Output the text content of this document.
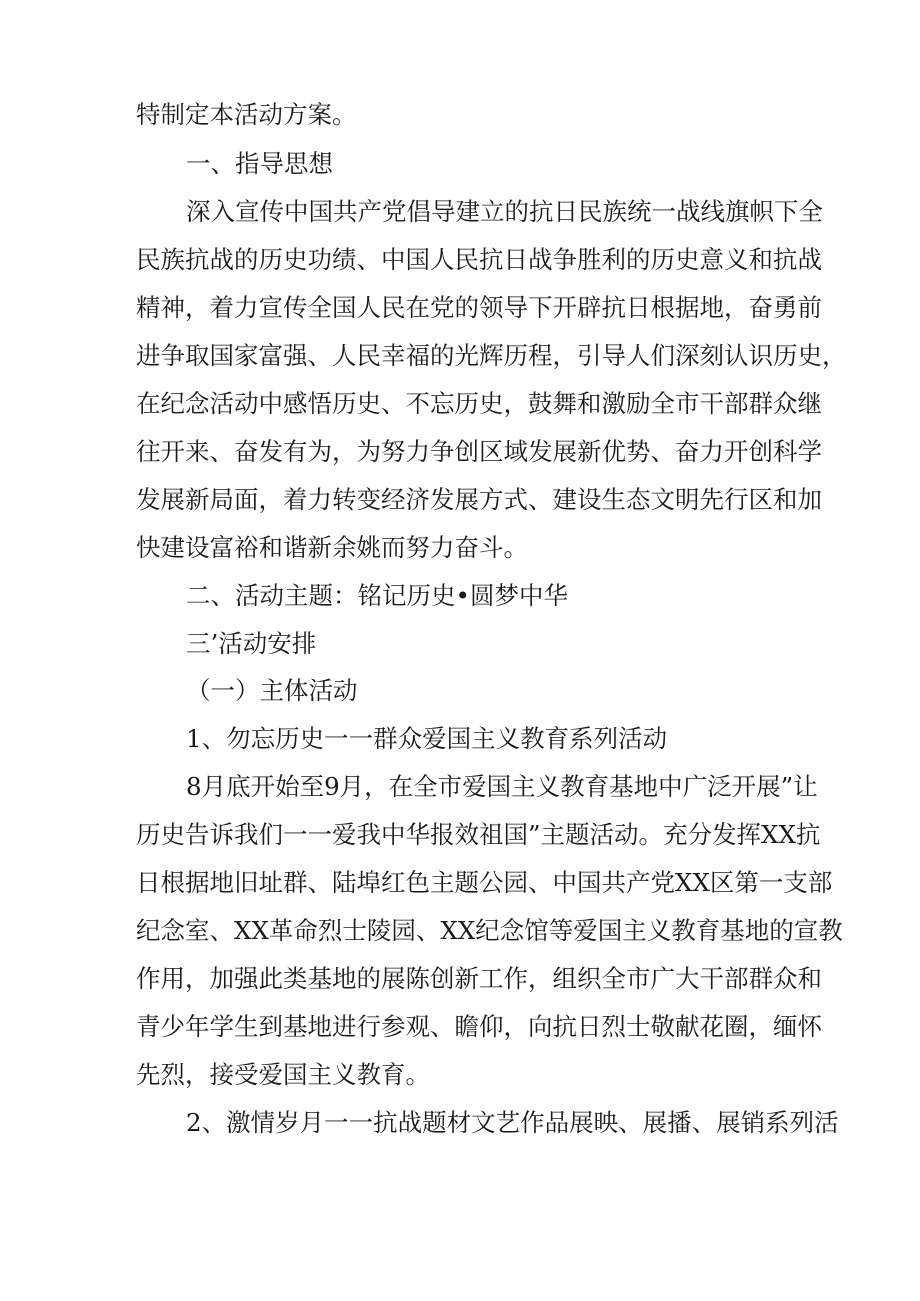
特制定本活动方案。
一、指导思想
深入宣传中国共产党倡导建立的抗日民族统一战线旗帜下全
民族抗战的历史功绩、中国人民抗日战争胜利的历史意义和抗战
精神，着力宣传全国人民在党的领导下开辟抗日根据地，奋勇前
进争取国家富强、人民幸福的光辉历程，引导人们深刻认识历史，
在纪念活动中感悟历史、不忘历史，鼓舞和激励全市干部群众继
往开来、奋发有为，为努力争创区域发展新优势、奋力开创科学
发展新局面，着力转变经济发展方式、建设生态文明先行区和加
快建设富裕和谐新余姚而努力奋斗。
二、活动主题：铭记历史•圆梦中华
三’活动安排
（一）主体活动
1、勿忘历史一一群众爱国主义教育系列活动
8月底开始至9月，在全市爱国主义教育基地中广泛开展”让
历史告诉我们一一爱我中华报效祖国”主题活动。充分发挥XX抗
日根据地旧址群、陆埠红色主题公园、中国共产党XX区第一支部
纪念室、XX革命烈士陵园、XX纪念馆等爱国主义教育基地的宣教
作用，加强此类基地的展陈创新工作，组织全市广大干部群众和
青少年学生到基地进行参观、瞻仰，向抗日烈士敬献花圈，缅怀
先烈，接受爱国主义教育。
2、激情岁月一一抗战题材文艺作品展映、展播、展销系列活
